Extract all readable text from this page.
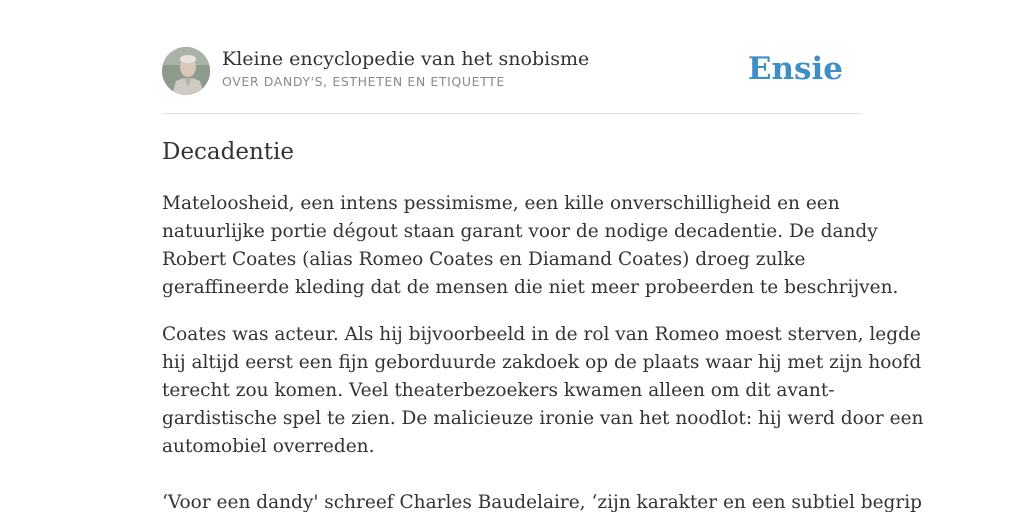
Kleine encyclopedie van het snobisme
OVER DANDY'S, ESTHETEN EN ETIQUETTE	Ensie
Decadentie

Mateloosheid, een intens pessimisme, een kille onverschilligheid en een
natuurlijke portie dégout staan garant voor de nodige decadentie. De dandy
Robert Coates (alias Romeo Coates en Diamand Coates) droeg zulke
geraffineerde kleding dat de mensen die niet meer probeerden te beschrijven.

Coates was acteur. Als hij bijvoorbeeld in de rol van Romeo moest sterven, legde
hij altijd eerst een fijn geborduurde zakdoek op de plaats waar hij met zijn hoofd
terecht zou komen. Veel theaterbezoekers kwamen alleen om dit avant-
gardistische spel te zien. De malicieuze ironie van het noodlot: hij werd door een
automobiel overreden.

‘Voor een dandy' schreef Charles Baudelaire, ‘zijn karakter en een subtiel begrip
